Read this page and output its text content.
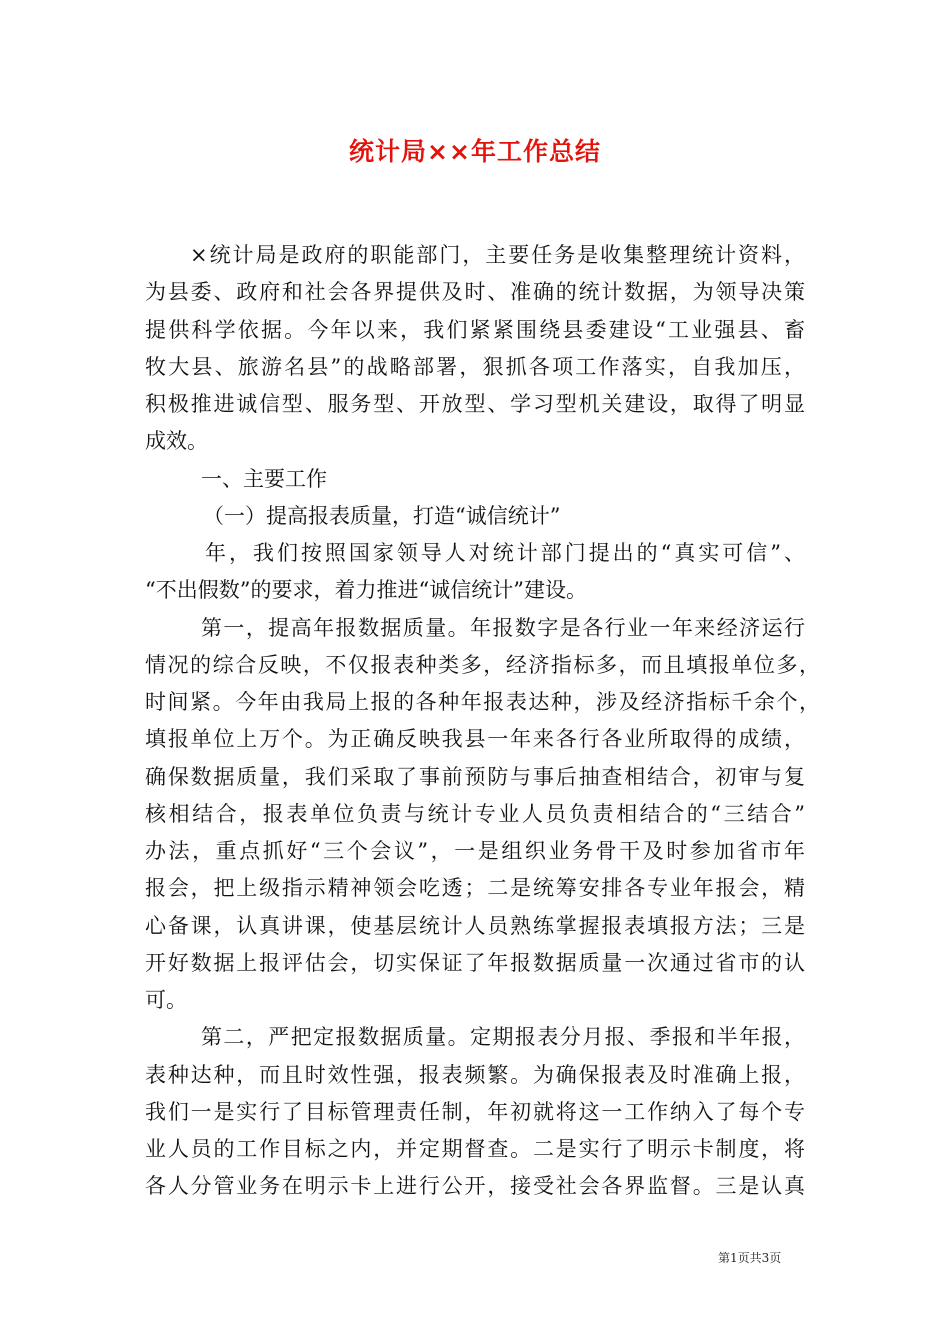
统计局××年工作总结
×统计局是政府的职能部门，主要任务是收集整理统计资料，
为县委、政府和社会各界提供及时、准确的统计数据，为领导决策
提供科学依据。今年以来，我们紧紧围绕县委建设“工业强县、畜
牧大县、旅游名县”的战略部署，狠抓各项工作落实，自我加压，
积极推进诚信型、服务型、开放型、学习型机关建设，取得了明显
成效。
一、主要工作
（一）提高报表质量，打造“诚信统计”
年，我们按照国家领导人对统计部门提出的“真实可信”、
“不出假数”的要求，着力推进“诚信统计”建设。
第一，提高年报数据质量。年报数字是各行业一年来经济运行
情况的综合反映，不仅报表种类多，经济指标多，而且填报单位多，
时间紧。今年由我局上报的各种年报表达种，涉及经济指标千余个，
填报单位上万个。为正确反映我县一年来各行各业所取得的成绩，
确保数据质量，我们采取了事前预防与事后抽查相结合，初审与复
核相结合，报表单位负责与统计专业人员负责相结合的“三结合”
办法，重点抓好“三个会议”，一是组织业务骨干及时参加省市年
报会，把上级指示精神领会吃透；二是统筹安排各专业年报会，精
心备课，认真讲课，使基层统计人员熟练掌握报表填报方法；三是
开好数据上报评估会，切实保证了年报数据质量一次通过省市的认
可。
第二，严把定报数据质量。定期报表分月报、季报和半年报，
表种达种，而且时效性强，报表频繁。为确保报表及时准确上报，
我们一是实行了目标管理责任制，年初就将这一工作纳入了每个专
业人员的工作目标之内，并定期督查。二是实行了明示卡制度，将
各人分管业务在明示卡上进行公开，接受社会各界监督。三是认真
第1页共3页
